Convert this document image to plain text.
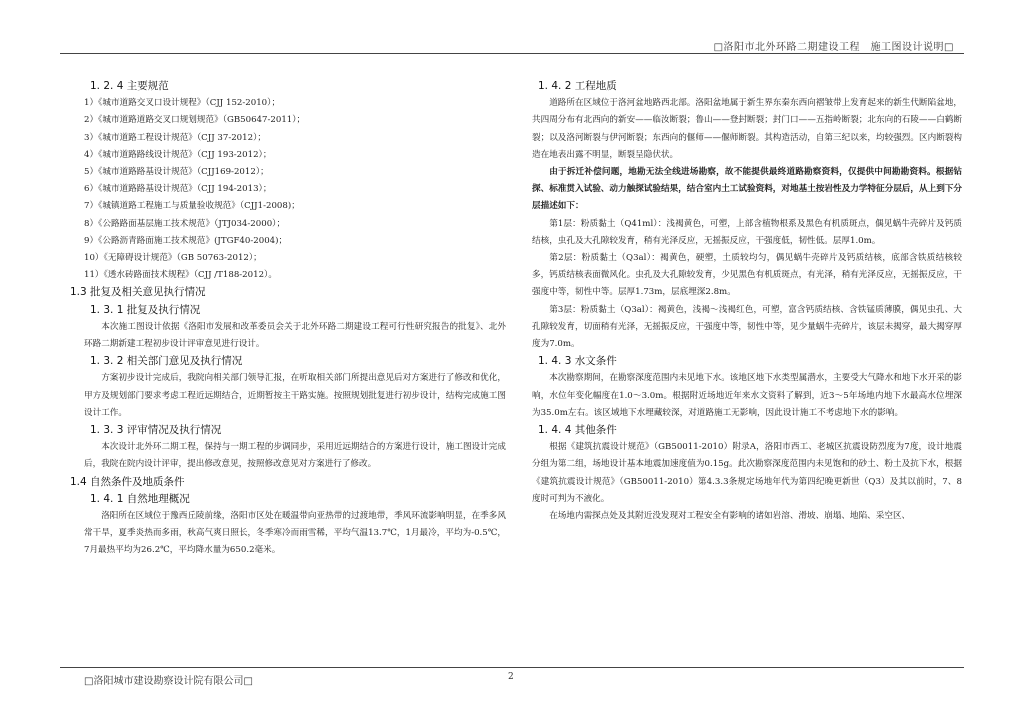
□洛阳市北外环路二期建设工程　施工图设计说明□
1. 2. 4 主要规范
1）《城市道路交叉口设计规程》（CJJ 152-2010）；
2）《城市道路道路交叉口规划规范》（GB50647-2011）；
3）《城市道路工程设计规范》（CJJ 37-2012）；
4）《城市道路路线设计规范》（CJJ 193-2012）；
5）《城市道路路基设计规范》（CJJ169-2012）；
6）《城市道路路基设计规范》（CJJ 194-2013）；
7）《城镇道路工程施工与质量验收规范》（CJJ1-2008)；
8）《公路路面基层施工技术规范》（JTJ034-2000）；
9）《公路沥青路面施工技术规范》(JTGF40-2004)；
10）《无障碍设计规范》（GB 50763-2012）；
11）《透水砖路面技术规程》（CJJ /T188-2012）。
1.3 批复及相关意见执行情况
1. 3. 1 批复及执行情况

本次施工图设计依据《洛阳市发展和改革委员会关于北外环路二期建设工程可行性研究报告的批复》、北外环路二期新建工程初步设计评审意见进行设计。

1. 3. 2 相关部门意见及执行情况

方案初步设计完成后，我院向相关部门领导汇报，在听取相关部门所提出意见后对方案进行了修改和优化，甲方及规划部门要求考虑工程近远期结合，近期暂按主干路实施。按照规划批复进行初步设计，结构完成施工图设计工作。

1. 3. 3 评审情况及执行情况

本次设计北外环二期工程，保持与一期工程的步调同步，采用近远期结合的方案进行设计，施工图设计完成后，我院在院内设计评审，提出修改意见，按照修改意见对方案进行了修改。

1.4 自然条件及地质条件
1. 4. 1 自然地理概况

洛阳所在区域位于豫西丘陵前缘，洛阳市区处在暖温带向亚热带的过渡地带，季风环流影响明显，在季多风常干旱，夏季炎热而多雨，秋高气爽日照长，冬季寒冷而雨雪稀，平均气温13.7℃，1月最冷，平均为-0.5℃，7月最热平均为26.2℃，平均降水量为650.2毫米。

1. 4. 2 工程地质

道路所在区域位于洛河盆地路西北部。洛阳盆地属于新生界东秦东西向褶皱带上发育起来的新生代断陷盆地，共四周分布有北西向的新安——临汝断裂；鲁山——登封断裂；封门口——五指岭断裂；北东向的石陵——白鹤断裂；以及洛河断裂与伊河断裂；东西向的偃师——偃师断裂。其构造活动，自第三纪以来，均较强烈。区内断裂构造在地表出露不明显，断裂呈隐伏状。

由于拆迁补偿问题，地勘无法全线进场勘察，故不能提供最终道路勘察资料，仅提供中间勘勘资料。根据钻探、标准贯入试验、动力触探试验结果，结合室内土工试验资料，对地基土按岩性及力学特征分层后，从上到下分层描述如下：

第1层：粉质黏土（Q41ml）：浅褐黄色，可塑，上部含植物根系及黑色有机质斑点，偶见蜗牛壳碎片及钙质结核，虫孔及大孔隙较发育，稍有光泽反应，无摇振反应，干强度低，韧性低。层厚1.0m。

第2层：粉质黏土（Q3al）：褐黄色，硬塑，土质较均匀，偶见蜗牛壳碎片及钙质结核，底部含铁质结核较多，钙质结核表面微风化。虫孔及大孔隙较发育，少见黑色有机质斑点，有光泽，稍有光泽反应，无摇振反应，干强度中等，韧性中等。层厚1.73m，层底埋深2.8m。

第3层：粉质黏土（Q3al）：褐黄色，浅褐～浅褐红色，可塑，富含钙质结核、含铁锰质薄膜，偶见虫孔、大孔隙较发育，切面稍有光泽，无摇振反应，干强度中等，韧性中等，见少量蜗牛壳碎片，该层未揭穿，最大揭穿厚度为7.0m。

1. 4. 3 水文条件

本次勘察期间，在勘察深度范围内未见地下水。该地区地下水类型属潜水，主要受大气降水和地下水开采的影响，水位年变化幅度在1.0～3.0m。根据附近场地近年来水文资料了解到，近3～5年场地内地下水最高水位埋深为35.0m左右。该区域地下水埋藏较深，对道路施工无影响，因此设计施工不考虑地下水的影响。

1. 4. 4 其他条件

根据《建筑抗震设计规范》（GB50011-2010）附录A，洛阳市西工、老城区抗震设防烈度为7度，设计地震分组为第二组，场地设计基本地震加速度值为0.15g。此次勘察深度范围内未见饱和的砂土、粉土及抗下水，根据《建筑抗震设计规范》（GB50011-2010）第4.3.3条规定场地年代为第四纪晚更新世（Q3）及其以前时，7、8度时可判为不液化。

在场地内需探点处及其附近没发现对工程安全有影响的诸如岩溶、滑坡、崩塌、地陷、采空区、

□洛阳城市建设勘察设计院有限公司□	2
